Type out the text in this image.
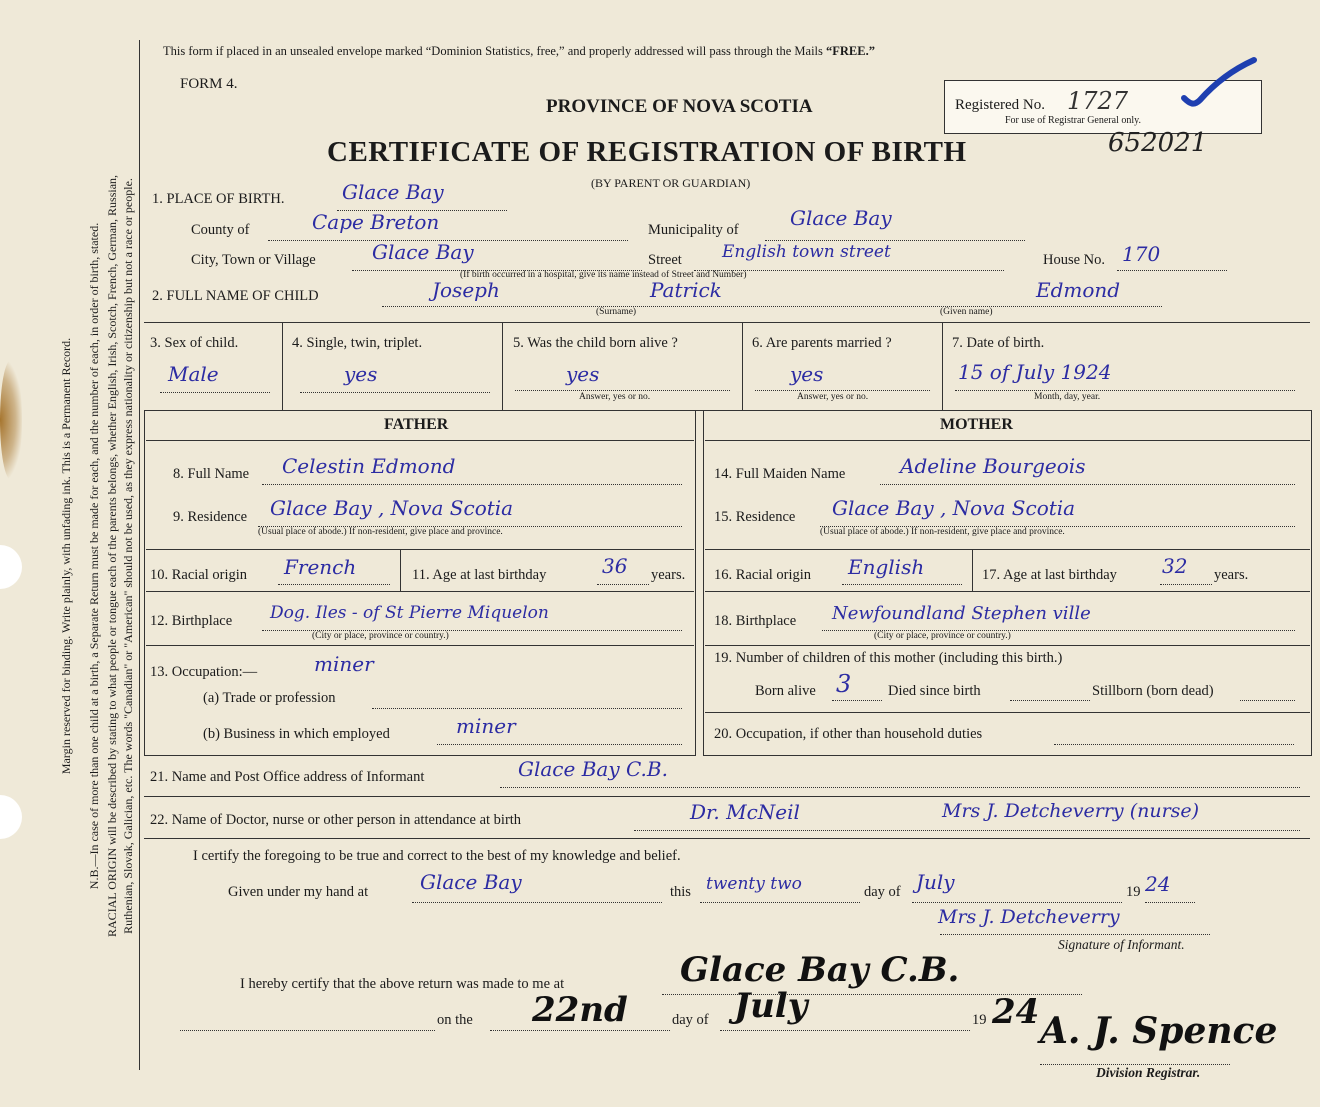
Margin reserved for binding. Write plainly, with unfading ink. This is a Permanent Record. N.B.—In case of more than one child at a birth, a Separate Return must be made for each, and the number of each, in order of birth, stated. RACIAL ORIGIN will be described by stating to what people or tongue each of the parents belongs, whether English, Irish, Scotch, French, German, Russian, Ruthenian, Slovak, Galician, etc. The words "Canadian" or "American" should not be used, as they express nationality or citizenship but not a race or people.
This form if placed in an unsealed envelope marked “Dominion Statistics, free,” and properly addressed will pass through the Mails “FREE.”
FORM 4.
PROVINCE OF NOVA SCOTIA
CERTIFICATE OF REGISTRATION OF BIRTH
(BY PARENT OR GUARDIAN)
Registered No. 1727
For use of Registrar General only.
652021
1. PLACE OF BIRTH.	Glace Bay
County of	Cape Breton	Municipality of	Glace Bay
City, Town or Village	Glace Bay	Street English town street	House No. 170
(If birth occurred in a hospital, give its name instead of Street and Number)
2. FULL NAME OF CHILD	Joseph	Patrick	Edmond
(Surname)	(Given name)
3. Sex of child.
Male
4. Single, twin, triplet.
yes
5. Was the child born alive ?
yes
Answer, yes or no.
6. Are parents married ?
yes
Answer, yes or no.
7. Date of birth.
15 of July 1924
Month, day, year.
FATHER	MOTHER
8. Full Name Celestin Edmond
9. Residence Glace Bay , Nova Scotia
(Usual place of abode.) If non-resident, give place and province.
10. Racial origin French	11. Age at last birthday	36 years.
12. Birthplace Dog. Iles - of St Pierre Miquelon
(City or place, province or country.)
13. Occupation:—	miner
(a) Trade or profession
(b) Business in which employed	miner
14. Full Maiden Name	Adeline Bourgeois
15. Residence Glace Bay , Nova Scotia
(Usual place of abode.) If non-resident, give place and province.
16. Racial origin English	17. Age at last birthday 32 years.
18. Birthplace Newfoundland Stephen ville
(City or place, province or country.)
19. Number of children of this mother (including this birth.)
Born alive 3	Died since birth	Stillborn (born dead)
20. Occupation, if other than household duties
21. Name and Post Office address of Informant	Glace Bay C.B.
22. Name of Doctor, nurse or other person in attendance at birth	Dr. McNeil	Mrs J. Detcheverry (nurse)
I certify the foregoing to be true and correct to the best of my knowledge and belief.
Given under my hand at	Glace Bay	this twenty two	day of July	19 24
Mrs J. Detcheverry
Signature of Informant.
I hereby certify that the above return was made to me at	Glace Bay C.B.
on the 22nd	day of July	19 24 A. J. Spence
Division Registrar.
